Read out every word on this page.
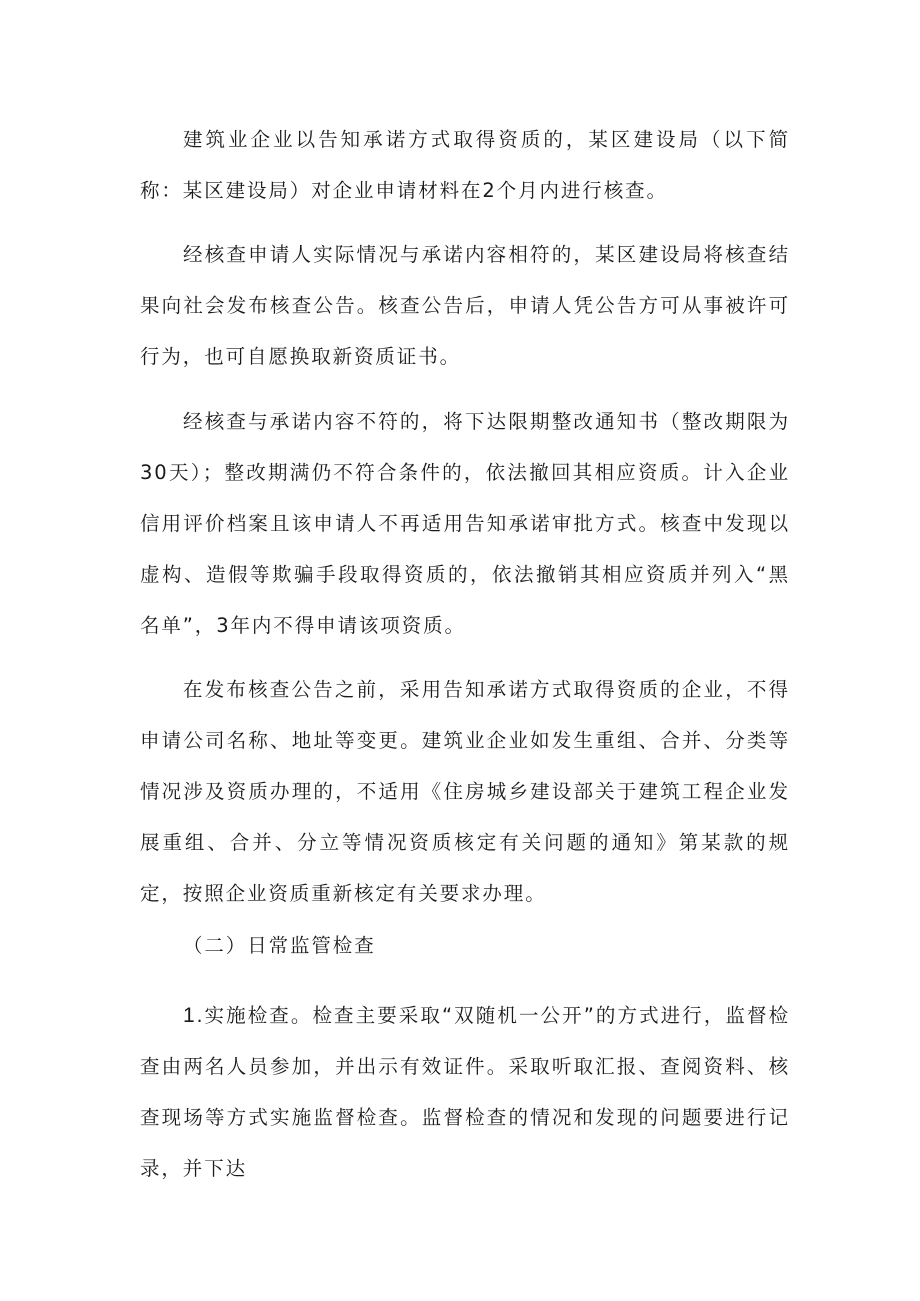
建筑业企业以告知承诺方式取得资质的，某区建设局（以下简称：某区建设局）对企业申请材料在2个月内进行核查。

经核查申请人实际情况与承诺内容相符的，某区建设局将核查结果向社会发布核查公告。核查公告后，申请人凭公告方可从事被许可行为，也可自愿换取新资质证书。

经核查与承诺内容不符的，将下达限期整改通知书（整改期限为30天）；整改期满仍不符合条件的，依法撤回其相应资质。计入企业信用评价档案且该申请人不再适用告知承诺审批方式。核查中发现以虚构、造假等欺骗手段取得资质的，依法撤销其相应资质并列入“黑名单”，3年内不得申请该项资质。

在发布核查公告之前，采用告知承诺方式取得资质的企业，不得申请公司名称、地址等变更。建筑业企业如发生重组、合并、分类等情况涉及资质办理的，不适用《住房城乡建设部关于建筑工程企业发展重组、合并、分立等情况资质核定有关问题的通知》第某款的规定，按照企业资质重新核定有关要求办理。

（二）日常监管检查

1.实施检查。检查主要采取“双随机一公开”的方式进行，监督检查由两名人员参加，并出示有效证件。采取听取汇报、查阅资料、核查现场等方式实施监督检查。监督检查的情况和发现的问题要进行记录，并下达
